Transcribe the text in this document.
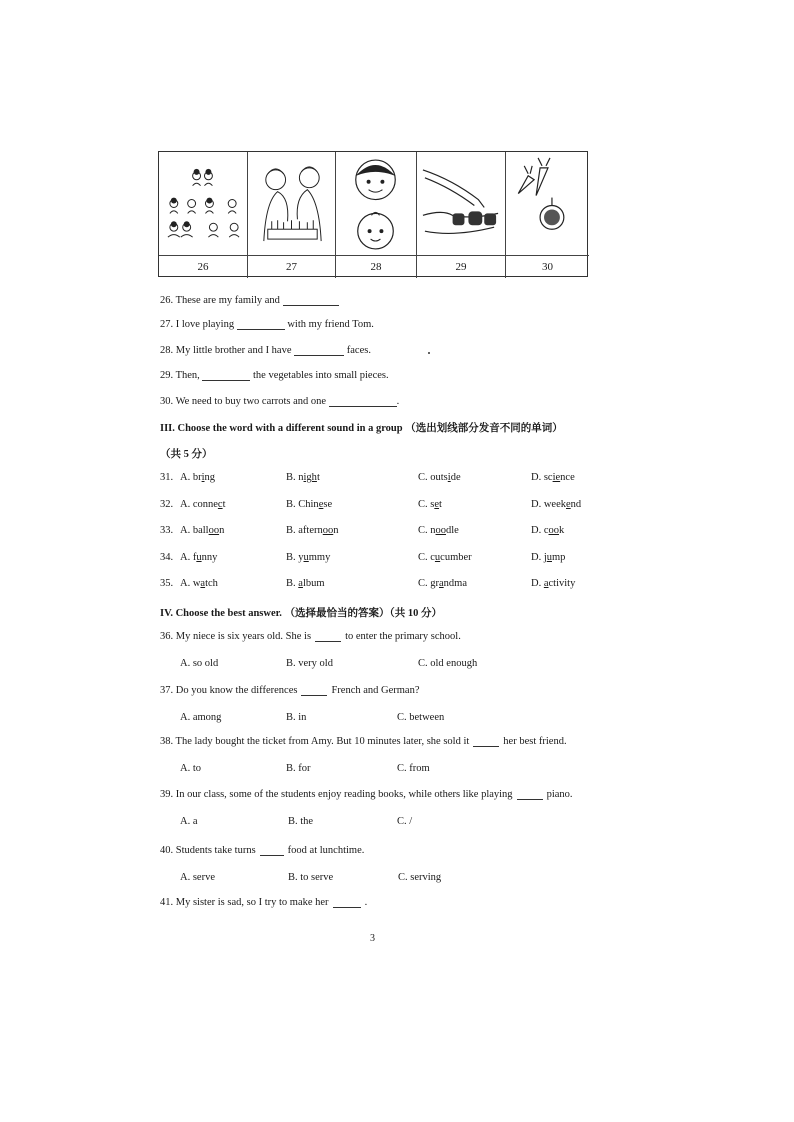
26	27	28	29	30
26. These are my family and
27. I love playing	with my friend Tom.
28. My little brother and I have	faces.
29. Then,	the vegetables into small pieces.
30. We need to buy two carrots and one	.
III. Choose the word with a different sound in a group （选出划线部分发音不同的单词）
（共 5 分）
31. A. bring	B. night	C. outside	D. science
32. A. connect	B. Chinese	C. set	D. weekend
33. A. balloon	B. afternoon	C. noodle	D. cook
34. A. funny	B. yummy	C. cucumber	D. jump
35. A. watch	B. album	C. grandma	D. activity
IV. Choose the best answer. （选择最恰当的答案）（共 10 分）
36. My niece is six years old. She is	to enter the primary school.
A. so old	B. very old	C. old enough
37. Do you know the differences	French and German?
A. among	B. in	C. between
38. The lady bought the ticket from Amy. But 10 minutes later, she sold it	her best friend.
A. to	B. for	C. from
39. In our class, some of the students enjoy reading books, while others like playing	piano.
A. a	B. the	C. /
40. Students take turns	food at lunchtime.
A. serve	B. to serve	C. serving
41. My sister is sad, so I try to make her	.
3
